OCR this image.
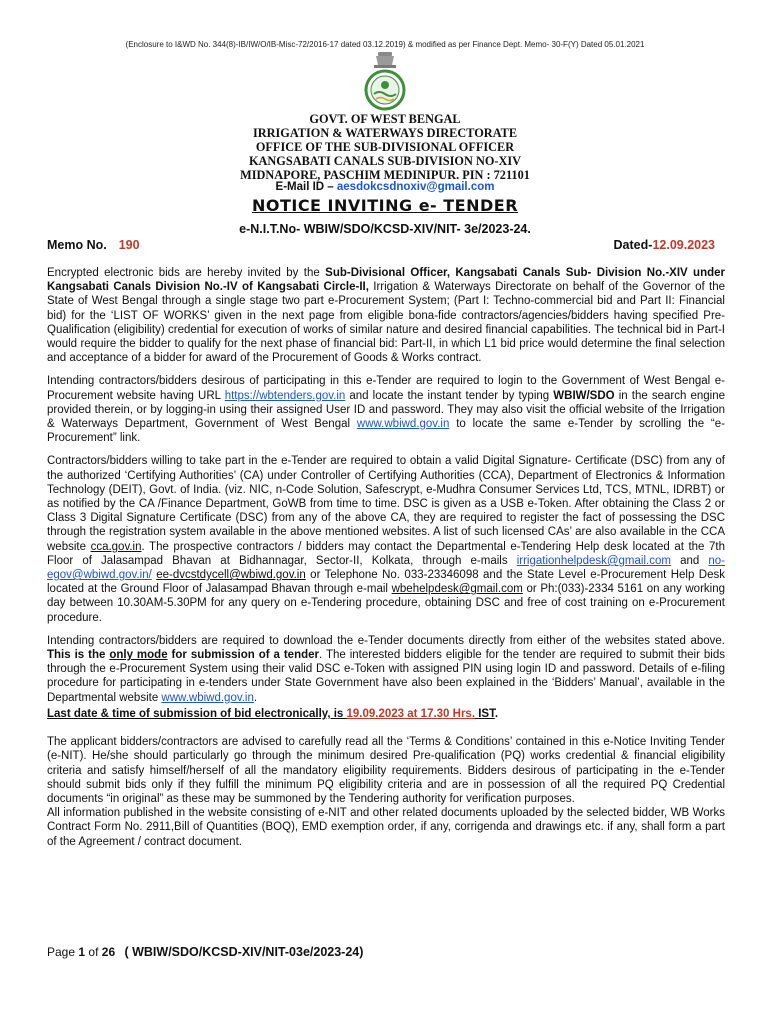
(Enclosure to I&WD No. 344(8)-IB/IW/O/IB-Misc-72/2016-17 dated 03.12.2019) & modified as per Finance Dept. Memo- 30-F(Y) Dated 05.01.2021
GOVT. OF WEST BENGAL
IRRIGATION & WATERWAYS DIRECTORATE
OFFICE OF THE SUB-DIVISIONAL OFFICER
KANGSABATI CANALS SUB-DIVISION NO-XIV
MIDNAPORE, PASCHIM MEDINIPUR. PIN : 721101
E-Mail ID – aesdokcsdnoxiv@gmail.com
NOTICE INVITING e- TENDER
e-N.I.T.No- WBIW/SDO/KCSD-XIV/NIT- 3e/2023-24.
Memo No. 190	Dated-12.09.2023

Encrypted electronic bids are hereby invited by the Sub-Divisional Officer, Kangsabati Canals Sub- Division No.-XIV under Kangsabati Canals Division No.-IV of Kangsabati Circle-II, Irrigation & Waterways Directorate on behalf of the Governor of the State of West Bengal through a single stage two part e-Procurement System; (Part I: Techno-commercial bid and Part II: Financial bid) for the ‘LIST OF WORKS’ given in the next page from eligible bona-fide contractors/agencies/bidders having specified Pre-Qualification (eligibility) credential for execution of works of similar nature and desired financial capabilities. The technical bid in Part-I would require the bidder to qualify for the next phase of financial bid: Part-II, in which L1 bid price would determine the final selection and acceptance of a bidder for award of the Procurement of Goods & Works contract.

Intending contractors/bidders desirous of participating in this e-Tender are required to login to the Government of West Bengal e-Procurement website having URL https://wbtenders.gov.in and locate the instant tender by typing WBIW/SDO in the search engine provided therein, or by logging-in using their assigned User ID and password. They may also visit the official website of the Irrigation & Waterways Department, Government of West Bengal www.wbiwd.gov.in to locate the same e-Tender by scrolling the “e-Procurement” link.

Contractors/bidders willing to take part in the e-Tender are required to obtain a valid Digital Signature- Certificate (DSC) from any of the authorized ‘Certifying Authorities’ (CA) under Controller of Certifying Authorities (CCA), Department of Electronics & Information Technology (DEIT), Govt. of India. (viz. NIC, n-Code Solution, Safescrypt, e-Mudhra Consumer Services Ltd, TCS, MTNL, IDRBT) or as notified by the CA /Finance Department, GoWB from time to time. DSC is given as a USB e-Token. After obtaining the Class 2 or Class 3 Digital Signature Certificate (DSC) from any of the above CA, they are required to register the fact of possessing the DSC through the registration system available in the above mentioned websites. A list of such licensed CAs’ are also available in the CCA website cca.gov.in. The prospective contractors / bidders may contact the Departmental e-Tendering Help desk located at the 7th Floor of Jalasampad Bhavan at Bidhannagar, Sector-II, Kolkata, through e-mails irrigationhelpdesk@gmail.com and no-egov@wbiwd.gov.in/ ee-dvcstdycell@wbiwd.gov.in or Telephone No. 033-23346098 and the State Level e-Procurement Help Desk located at the Ground Floor of Jalasampad Bhavan through e-mail wbehelpdesk@gmail.com or Ph:(033)-2334 5161 on any working day between 10.30AM-5.30PM for any query on e-Tendering procedure, obtaining DSC and free of cost training on e-Procurement procedure.

Intending contractors/bidders are required to download the e-Tender documents directly from either of the websites stated above. This is the only mode for submission of a tender. The interested bidders eligible for the tender are required to submit their bids through the e-Procurement System using their valid DSC e-Token with assigned PIN using login ID and password. Details of e-filing procedure for participating in e-tenders under State Government have also been explained in the ‘Bidders’ Manual’, available in the Departmental website www.wbiwd.gov.in.

Last date & time of submission of bid electronically, is 19.09.2023 at 17.30 Hrs. IST.

The applicant bidders/contractors are advised to carefully read all the ‘Terms & Conditions’ contained in this e-Notice Inviting Tender (e-NIT). He/she should particularly go through the minimum desired Pre-qualification (PQ) works credential & financial eligibility criteria and satisfy himself/herself of all the mandatory eligibility requirements. Bidders desirous of participating in the e-Tender should submit bids only if they fulfill the minimum PQ eligibility criteria and are in possession of all the required PQ Credential documents “in original” as these may be summoned by the Tendering authority for verification purposes.

All information published in the website consisting of e-NIT and other related documents uploaded by the selected bidder, WB Works Contract Form No. 2911,Bill of Quantities (BOQ), EMD exemption order, if any, corrigenda and drawings etc. if any, shall form a part of the Agreement / contract document.

Page 1 of 26 ( WBIW/SDO/KCSD-XIV/NIT-03e/2023-24)
